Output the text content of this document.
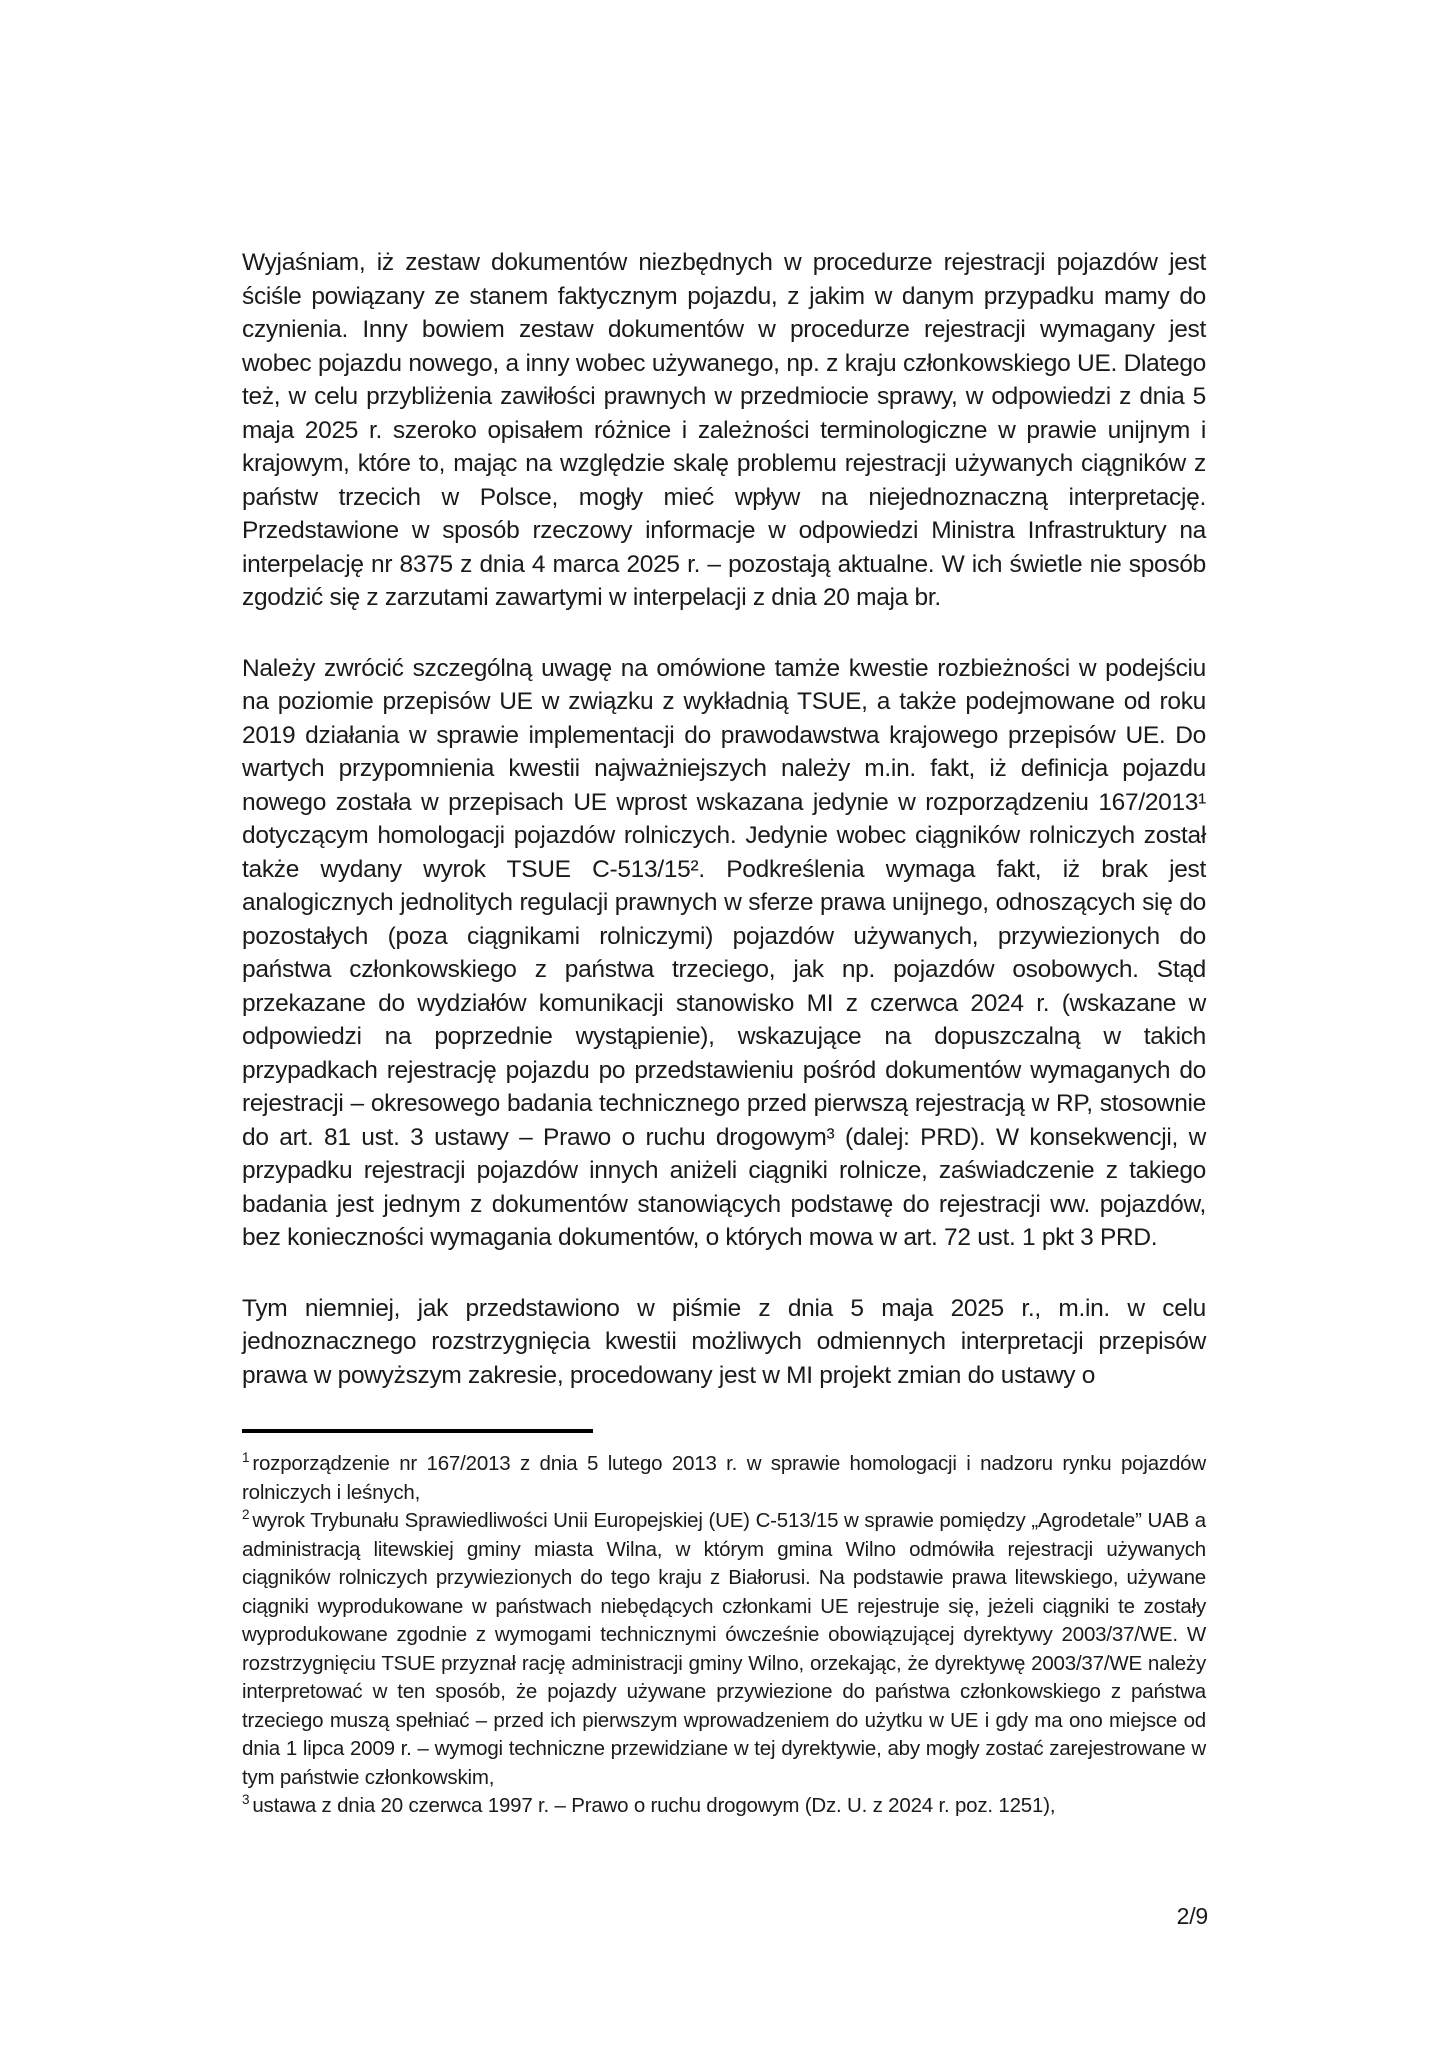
Wyjaśniam, iż zestaw dokumentów niezbędnych w procedurze rejestracji pojazdów jest ściśle powiązany ze stanem faktycznym pojazdu, z jakim w danym przypadku mamy do czynienia. Inny bowiem zestaw dokumentów w procedurze rejestracji wymagany jest wobec pojazdu nowego, a inny wobec używanego, np. z kraju członkowskiego UE. Dlatego też, w celu przybliżenia zawiłości prawnych w przedmiocie sprawy, w odpowiedzi z dnia 5 maja 2025 r. szeroko opisałem różnice i zależności terminologiczne w prawie unijnym i krajowym, które to, mając na względzie skalę problemu rejestracji używanych ciągników z państw trzecich w Polsce, mogły mieć wpływ na niejednoznaczną interpretację. Przedstawione w sposób rzeczowy informacje w odpowiedzi Ministra Infrastruktury na interpelację nr 8375 z dnia 4 marca 2025 r. – pozostają aktualne. W ich świetle nie sposób zgodzić się z zarzutami zawartymi w interpelacji z dnia 20 maja br.

Należy zwrócić szczególną uwagę na omówione tamże kwestie rozbieżności w podejściu na poziomie przepisów UE w związku z wykładnią TSUE, a także podejmowane od roku 2019 działania w sprawie implementacji do prawodawstwa krajowego przepisów UE. Do wartych przypomnienia kwestii najważniejszych należy m.in. fakt, iż definicja pojazdu nowego została w przepisach UE wprost wskazana jedynie w rozporządzeniu 167/2013¹ dotyczącym homologacji pojazdów rolniczych. Jedynie wobec ciągników rolniczych został także wydany wyrok TSUE C-513/15². Podkreślenia wymaga fakt, iż brak jest analogicznych jednolitych regulacji prawnych w sferze prawa unijnego, odnoszących się do pozostałych (poza ciągnikami rolniczymi) pojazdów używanych, przywiezionych do państwa członkowskiego z państwa trzeciego, jak np. pojazdów osobowych. Stąd przekazane do wydziałów komunikacji stanowisko MI z czerwca 2024 r. (wskazane w odpowiedzi na poprzednie wystąpienie), wskazujące na dopuszczalną w takich przypadkach rejestrację pojazdu po przedstawieniu pośród dokumentów wymaganych do rejestracji – okresowego badania technicznego przed pierwszą rejestracją w RP, stosownie do art. 81 ust. 3 ustawy – Prawo o ruchu drogowym³ (dalej: PRD). W konsekwencji, w przypadku rejestracji pojazdów innych aniżeli ciągniki rolnicze, zaświadczenie z takiego badania jest jednym z dokumentów stanowiących podstawę do rejestracji ww. pojazdów, bez konieczności wymagania dokumentów, o których mowa w art. 72 ust. 1 pkt 3 PRD.

Tym niemniej, jak przedstawiono w piśmie z dnia 5 maja 2025 r., m.in. w celu jednoznacznego rozstrzygnięcia kwestii możliwych odmiennych interpretacji przepisów prawa w powyższym zakresie, procedowany jest w MI projekt zmian do ustawy o

$^1$ rozporządzenie nr 167/2013 z dnia 5 lutego 2013 r. w sprawie homologacji i nadzoru rynku pojazdów rolniczych i leśnych,

$^2$ wyrok Trybunału Sprawiedliwości Unii Europejskiej (UE) C-513/15 w sprawie pomiędzy „Agrodetale” UAB a administracją litewskiej gminy miasta Wilna, w którym gmina Wilno odmówiła rejestracji używanych ciągników rolniczych przywiezionych do tego kraju z Białorusi. Na podstawie prawa litewskiego, używane ciągniki wyprodukowane w państwach niebędących członkami UE rejestruje się, jeżeli ciągniki te zostały wyprodukowane zgodnie z wymogami technicznymi ówcześnie obowiązującej dyrektywy 2003/37/WE. W rozstrzygnięciu TSUE przyznał rację administracji gminy Wilno, orzekając, że dyrektywę 2003/37/WE należy interpretować w ten sposób, że pojazdy używane przywiezione do państwa członkowskiego z państwa trzeciego muszą spełniać – przed ich pierwszym wprowadzeniem do użytku w UE i gdy ma ono miejsce od dnia 1 lipca 2009 r. – wymogi techniczne przewidziane w tej dyrektywie, aby mogły zostać zarejestrowane w tym państwie członkowskim,

$^3$ ustawa z dnia 20 czerwca 1997 r. – Prawo o ruchu drogowym (Dz. U. z 2024 r. poz. 1251),

2/9
